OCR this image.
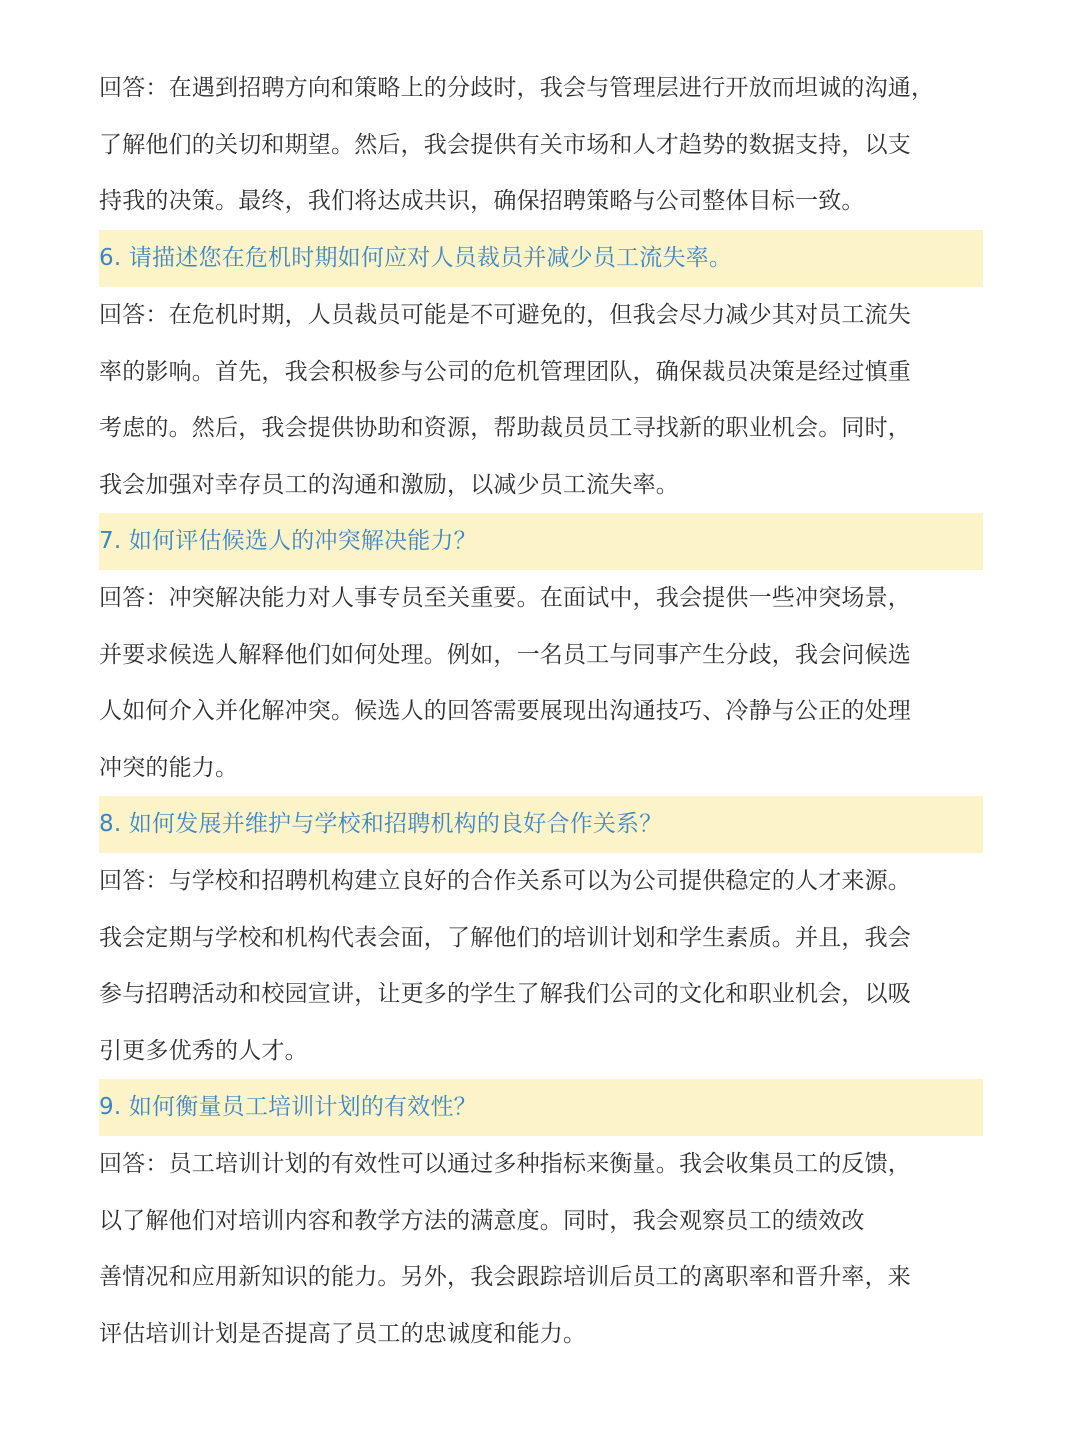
回答：在遇到招聘方向和策略上的分歧时，我会与管理层进行开放而坦诚的沟通，
了解他们的关切和期望。然后，我会提供有关市场和人才趋势的数据支持，以支
持我的决策。最终，我们将达成共识，确保招聘策略与公司整体目标一致。
6. 请描述您在危机时期如何应对人员裁员并减少员工流失率。
回答：在危机时期，人员裁员可能是不可避免的，但我会尽力减少其对员工流失
率的影响。首先，我会积极参与公司的危机管理团队，确保裁员决策是经过慎重
考虑的。然后，我会提供协助和资源，帮助裁员员工寻找新的职业机会。同时，
我会加强对幸存员工的沟通和激励，以减少员工流失率。
7. 如何评估候选人的冲突解决能力？
回答：冲突解决能力对人事专员至关重要。在面试中，我会提供一些冲突场景，
并要求候选人解释他们如何处理。例如，一名员工与同事产生分歧，我会问候选
人如何介入并化解冲突。候选人的回答需要展现出沟通技巧、冷静与公正的处理
冲突的能力。
8. 如何发展并维护与学校和招聘机构的良好合作关系？
回答：与学校和招聘机构建立良好的合作关系可以为公司提供稳定的人才来源。
我会定期与学校和机构代表会面，了解他们的培训计划和学生素质。并且，我会
参与招聘活动和校园宣讲，让更多的学生了解我们公司的文化和职业机会，以吸
引更多优秀的人才。
9. 如何衡量员工培训计划的有效性？
回答：员工培训计划的有效性可以通过多种指标来衡量。我会收集员工的反馈，
以了解他们对培训内容和教学方法的满意度。同时，我会观察员工的绩效改
善情况和应用新知识的能力。另外，我会跟踪培训后员工的离职率和晋升率，来
评估培训计划是否提高了员工的忠诚度和能力。
